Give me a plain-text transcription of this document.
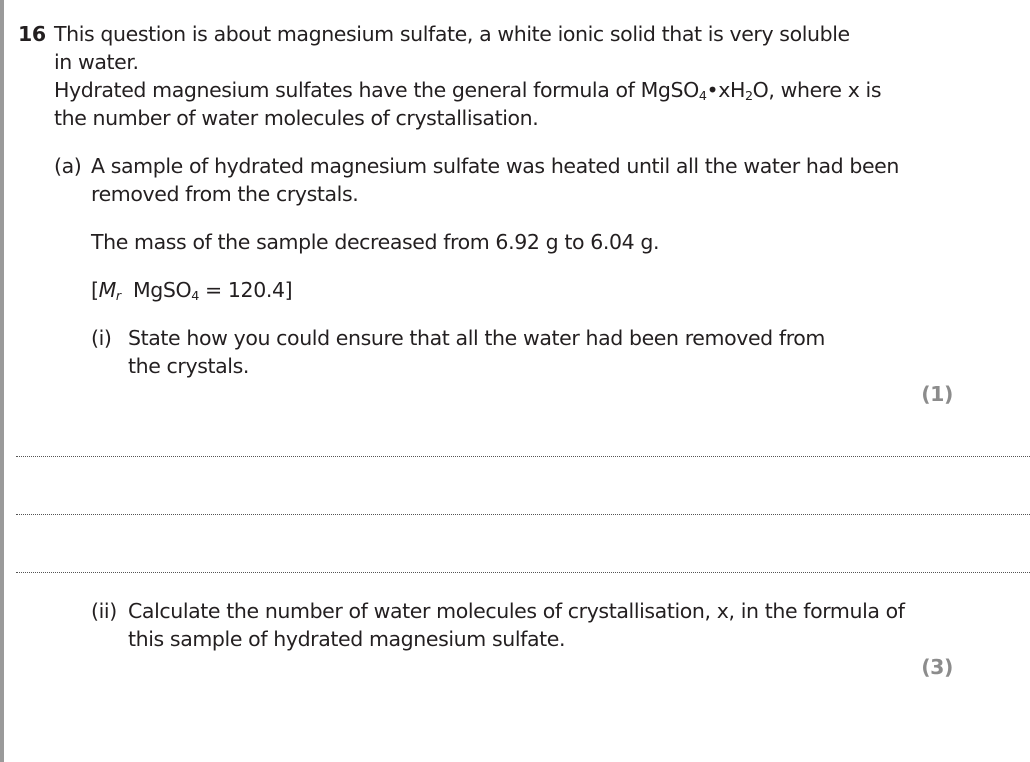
16 This question is about magnesium sulfate, a white ionic solid that is very soluble
in water.
Hydrated magnesium sulfates have the general formula of $MgSO_4•xH_2O$, where x is
the number of water molecules of crystallisation.
(a) A sample of hydrated magnesium sulfate was heated until all the water had been
removed from the crystals.
The mass of the sample decreased from 6.92 g to 6.04 g.
[$M_r$ MgSO$_4$ = 120.4]
(i) State how you could ensure that all the water had been removed from
the crystals.
(1)
(ii) Calculate the number of water molecules of crystallisation, x, in the formula of
this sample of hydrated magnesium sulfate.
(3)
